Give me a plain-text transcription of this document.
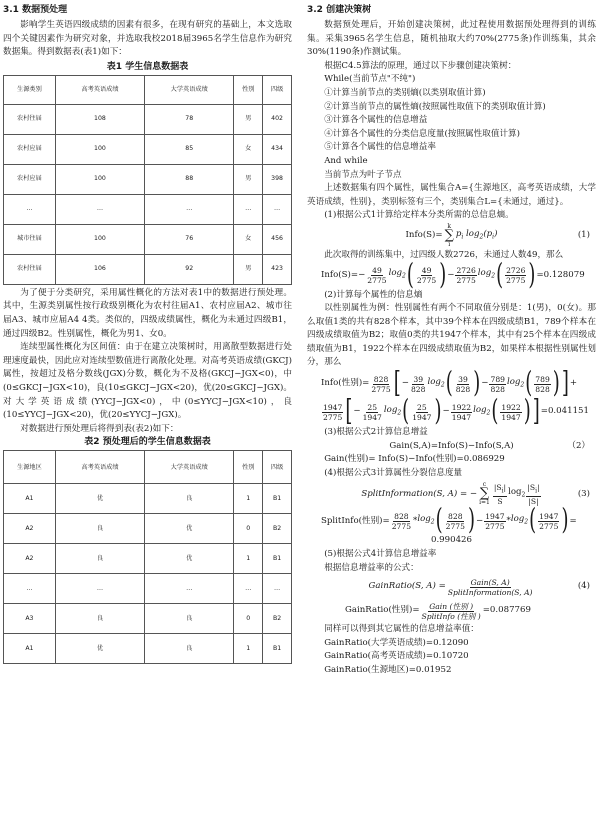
3.1 数据预处理

影响学生英语四级成绩的因素有很多，在现有研究的基础上，本文选取四个关键因素作为研究对象，并选取我校2018届3965名学生信息作为研究数据集。得到数据表(表1)如下：

表1 学生信息数据表
生源类别	高考英语成绩	大学英语成绩	性别	四级
农村往届	108	78	男	402
农村应届	100	85	女	434
农村应届	100	88	男	398
…	…	…	…	…
城市往届	100	76	女	456
农村往届	106	92	男	423

为了便于分类研究，采用属性概化的方法对表1中的数据进行预处理。其中，生源类别属性按行政级别概化为农村往届A1、农村应届A2、城市往届A3、城市应届A4 4类。类似的，四级成绩属性，概化为未通过四级B1，通过四级B2。性别属性，概化为男1、女0。

连续型属性概化为区间值：由于在建立决策树时，用离散型数据进行处理速度最快，因此应对连续型数值进行离散化处理。对高考英语成绩(GKCJ)属性，按超过及格分数线(JGX)分数，概化为不及格(GKCJ−JGX<0)，中(0≤GKCJ−JGX<10)，良(10≤GKCJ−JGX<20)，优(20≤GKCJ−JGX)。对大学英语成绩(YYCJ−JGX<0)，中(0≤YYCJ−JGX<10)，良(10≤YYCJ−JGX<20)，优(20≤YYCJ−JGX)。

对数据进行预处理后将得到表(表2)如下：

表2 预处理后的学生信息数据表
生源地区	高考英语成绩	大学英语成绩	性别	四级
A1	优	良	1	B1
A2	良	优	0	B2
A2	良	优	1	B1
…	…	…	…	…
A3	良	良	0	B2
A1	优	良	1	B1
3.2 创建决策树

数据预处理后，开始创建决策树，此过程使用数据预处理得到的训练集。采集3965名学生信息，随机抽取大约70%(2775条)作训练集，其余30%(1190条)作测试集。

根据C4.5算法的原理，通过以下步骤创建决策树：

While(当前节点"不纯")
①计算当前节点的类别熵(以类别取值计算)
②计算当前节点的属性熵(按照属性取值下的类别取值计算)
③计算各个属性的信息增益
④计算各个属性的分类信息度量(按照属性取值计算)
⑤计算各个属性的信息增益率
And while
当前节点为叶子节点

上述数据集有四个属性，属性集合A={生源地区，高考英语成绩，大学英语成绩，性别}，类别标签有三个，类别集合L={未通过，通过}。

(1)根据公式1计算给定样本分类所需的总信息熵。

Info(S)=
k
∑
i
$p_i$ $\log_2(p_i)$	(1)

此次取得的训练集中，过四级人数2726，未通过人数49，那么

Info(S)=− $\frac{49}{2775} \log_2$ ( $\frac{49}{2775}$ ) − $\frac{2726}{2775} \log_2$ ( $\frac{2726}{2775}$ ) =0.128079

(2)计算每个属性的信息熵

以性别属性为例：性别属性有两个不同取值分别是：1(男)，0(女)。那么取值1类的共有828个样本，其中39个样本在四级成绩B1，789个样本在四级成绩取值为B2；取值0类的共1947个样本，其中有25个样本在四级成绩取值为B1，1922个样本在四级成绩取值为B2，如果样本根据性别属性划分，那么

Info(性别)= $\frac{828}{2775}$ [ − $\frac{39}{828} \log_2$ ( $\frac{39}{828}$ ) − $\frac{789}{828} \log_2$ ( $\frac{789}{828}$ ) ] +
$\frac{1947}{2775}$ [ − $\frac{25}{1947} \log_2$ ( $\frac{25}{1947}$ ) − $\frac{1922}{1947} \log_2$ ( $\frac{1922}{1947}$ ) ] =0.041151

(3)根据公式2计算信息增益

Gain(S,A)=Info(S)−Info(S,A)	（2）
Gain(性别)= Info(S)−Info(性别)=0.086929

(4)根据公式3计算属性分裂信息度量

SplitInformation(S, A) = −
c
∑
$i=1 \frac{|S_i|}{S} \log_2 \frac{|S_i|}{|S|}$	(3)
SplitInfo(性别)= $\frac{828}{2775} * \log_2$ ( $\frac{828}{2775}$ ) − $\frac{1947}{2775} * \log_2$ ( $\frac{1947}{2775}$ ) =
0.990426

(5)根据公式4计算信息增益率

根据信息增益率的公式：

GainRatio(S, $A) = \frac{\text{Gain(S, A)}}{\text{SplitInformation(S, A)}}$	(4)
GainRatio(性别)= $\frac{\text{Gain (性别 )}}{\text{SplitInfo (性别 )}} =0.087769$

同样可以得到其它属性的信息增益率值：

GainRatio(大学英语成绩)=0.12090
GainRatio(高考英语成绩)=0.10720
GainRatio(生源地区)=0.01952
